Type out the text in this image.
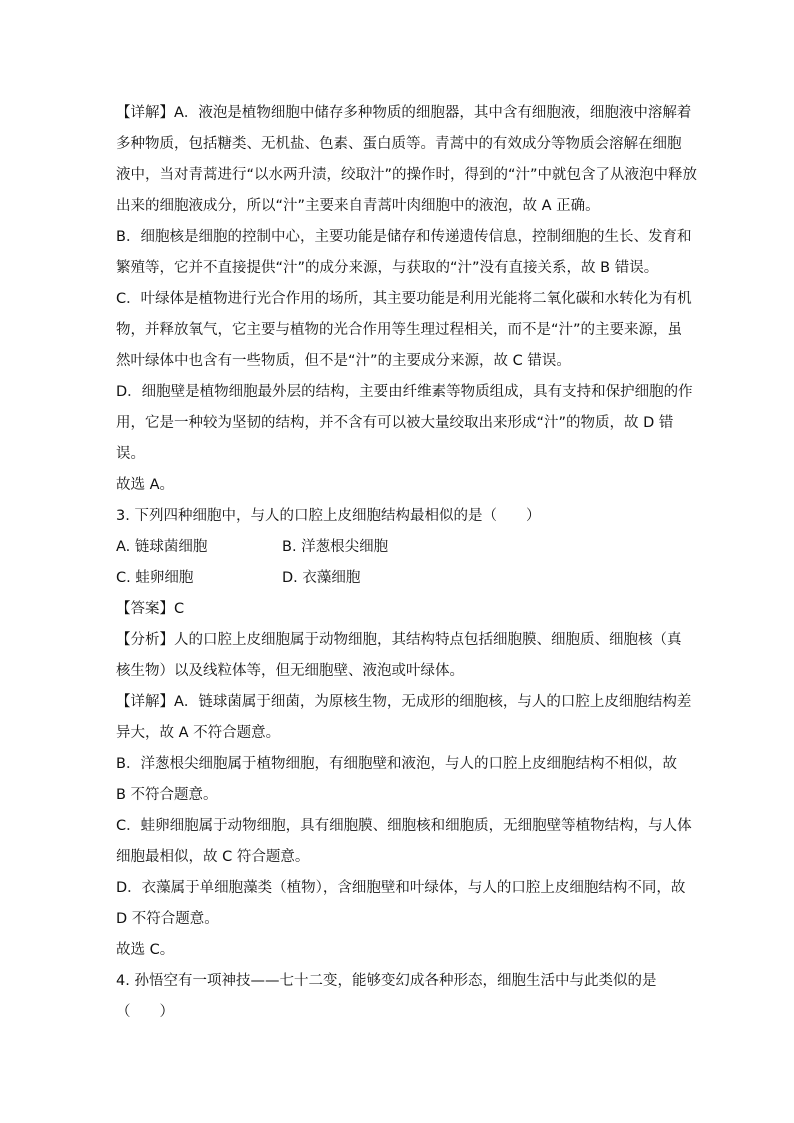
【详解】A．液泡是植物细胞中储存多种物质的细胞器，其中含有细胞液，细胞液中溶解着
多种物质，包括糖类、无机盐、色素、蛋白质等。青蒿中的有效成分等物质会溶解在细胞
液中，当对青蒿进行“以水两升渍，绞取汁”的操作时，得到的“汁”中就包含了从液泡中释放
出来的细胞液成分，所以“汁”主要来自青蒿叶肉细胞中的液泡，故 A 正确。
B．细胞核是细胞的控制中心，主要功能是储存和传递遗传信息，控制细胞的生长、发育和
繁殖等，它并不直接提供“汁”的成分来源，与获取的“汁”没有直接关系，故 B 错误。
C．叶绿体是植物进行光合作用的场所，其主要功能是利用光能将二氧化碳和水转化为有机
物，并释放氧气，它主要与植物的光合作用等生理过程相关，而不是“汁”的主要来源，虽
然叶绿体中也含有一些物质，但不是“汁”的主要成分来源，故 C 错误。
D．细胞壁是植物细胞最外层的结构，主要由纤维素等物质组成，具有支持和保护细胞的作
用，它是一种较为坚韧的结构，并不含有可以被大量绞取出来形成“汁”的物质，故 D 错
误。
故选 A。
3. 下列四种细胞中，与人的口腔上皮细胞结构最相似的是（　　）
A. 链球菌细胞	B. 洋葱根尖细胞
C. 蛙卵细胞	D. 衣藻细胞
【答案】C
【分析】人的口腔上皮细胞属于动物细胞，其结构特点包括细胞膜、细胞质、细胞核（真
核生物）以及线粒体等，但无细胞壁、液泡或叶绿体。
【详解】A．链球菌属于细菌，为原核生物，无成形的细胞核，与人的口腔上皮细胞结构差
异大，故 A 不符合题意。
B．洋葱根尖细胞属于植物细胞，有细胞壁和液泡，与人的口腔上皮细胞结构不相似，故
B 不符合题意。
C．蛙卵细胞属于动物细胞，具有细胞膜、细胞核和细胞质，无细胞壁等植物结构，与人体
细胞最相似，故 C 符合题意。
D．衣藻属于单细胞藻类（植物），含细胞壁和叶绿体，与人的口腔上皮细胞结构不同，故
D 不符合题意。
故选 C。
4. 孙悟空有一项神技——七十二变，能够变幻成各种形态，细胞生活中与此类似的是
（　　）
